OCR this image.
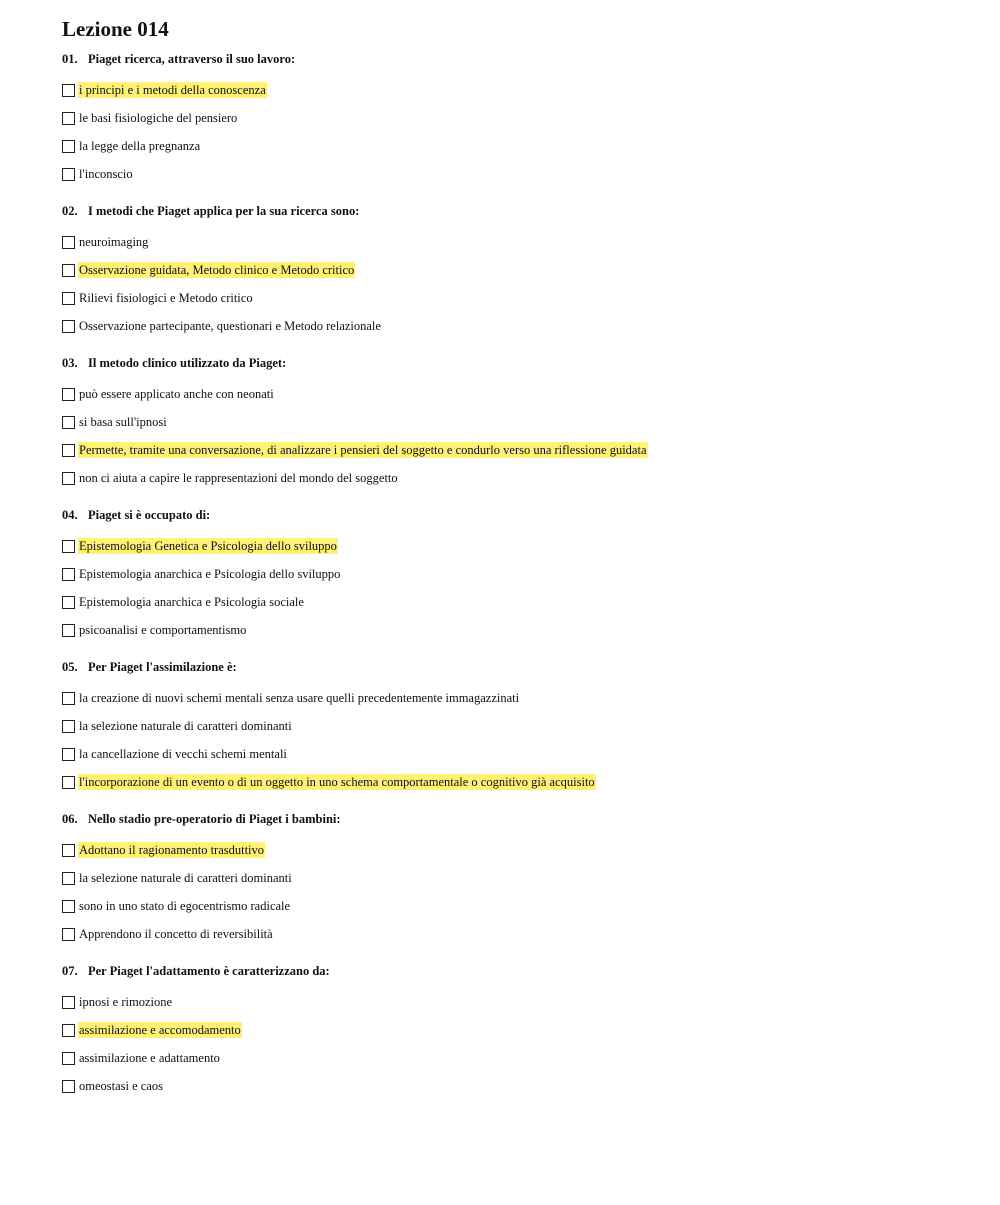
Lezione 014
01. Piaget ricerca, attraverso il suo lavoro:
i principi e i metodi della conoscenza
le basi fisiologiche del pensiero
la legge della pregnanza
l'inconscio
02. I metodi che Piaget applica per la sua ricerca sono:
neuroimaging
Osservazione guidata, Metodo clinico e Metodo critico
Rilievi fisiologici e Metodo critico
Osservazione partecipante, questionari e Metodo relazionale
03. Il metodo clinico utilizzato da Piaget:
può essere applicato anche con neonati
si basa sull'ipnosi
Permette, tramite una conversazione, di analizzare i pensieri del soggetto e condurlo verso una riflessione guidata
non ci aiuta a capire le rappresentazioni del mondo del soggetto
04. Piaget si è occupato di:
Epistemologia Genetica e Psicologia dello sviluppo
Epistemologia anarchica e Psicologia dello sviluppo
Epistemologia anarchica e Psicologia sociale
psicoanalisi e comportamentismo
05. Per Piaget l'assimilazione è:
la creazione di nuovi schemi mentali senza usare quelli precedentemente immagazzinati
la selezione naturale di caratteri dominanti
la cancellazione di vecchi schemi mentali
l'incorporazione di un evento o di un oggetto in uno schema comportamentale o cognitivo già acquisito
06. Nello stadio pre-operatorio di Piaget i bambini:
Adottano il ragionamento trasduttivo
la selezione naturale di caratteri dominanti
sono in uno stato di egocentrismo radicale
Apprendono il concetto di reversibilità
07. Per Piaget l'adattamento è caratterizzano da:
ipnosi e rimozione
assimilazione e accomodamento
assimilazione e adattamento
omeostasi e caos
